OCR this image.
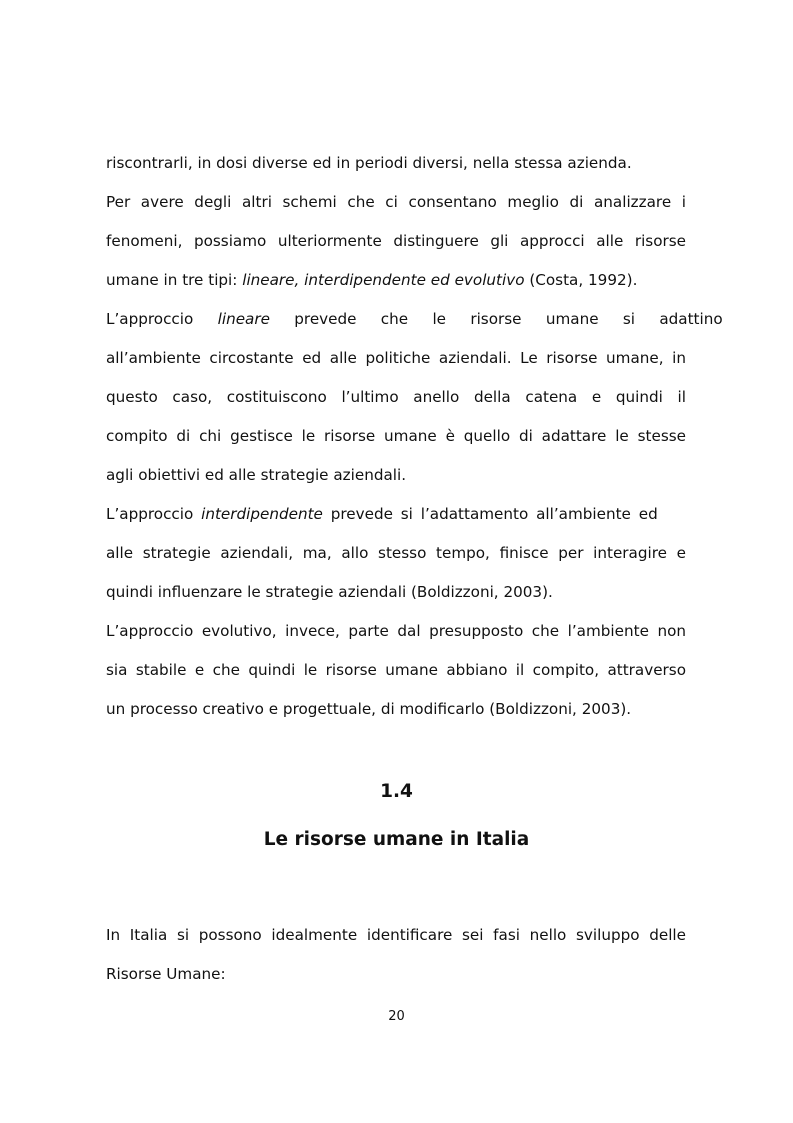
riscontrarli, in dosi diverse ed in periodi diversi, nella stessa azienda.
Per avere degli altri schemi che ci consentano meglio di analizzare i
fenomeni, possiamo ulteriormente distinguere gli approcci alle risorse
umane in tre tipi: lineare, interdipendente ed evolutivo (Costa, 1992).
L’approccio lineare prevede che le risorse umane si adattino
all’ambiente circostante ed alle politiche aziendali. Le risorse umane, in
questo caso, costituiscono l’ultimo anello della catena e quindi il
compito di chi gestisce le risorse umane è quello di adattare le stesse
agli obiettivi ed alle strategie aziendali.
L’approccio interdipendente prevede si l’adattamento all’ambiente ed
alle strategie aziendali, ma, allo stesso tempo, finisce per interagire e
quindi influenzare le strategie aziendali (Boldizzoni, 2003).
L’approccio evolutivo, invece, parte dal presupposto che l’ambiente non
sia stabile e che quindi le risorse umane abbiano il compito, attraverso
un processo creativo e progettuale, di modificarlo (Boldizzoni, 2003).
1.4
Le risorse umane in Italia
In Italia si possono idealmente identificare sei fasi nello sviluppo delle
Risorse Umane:
20
